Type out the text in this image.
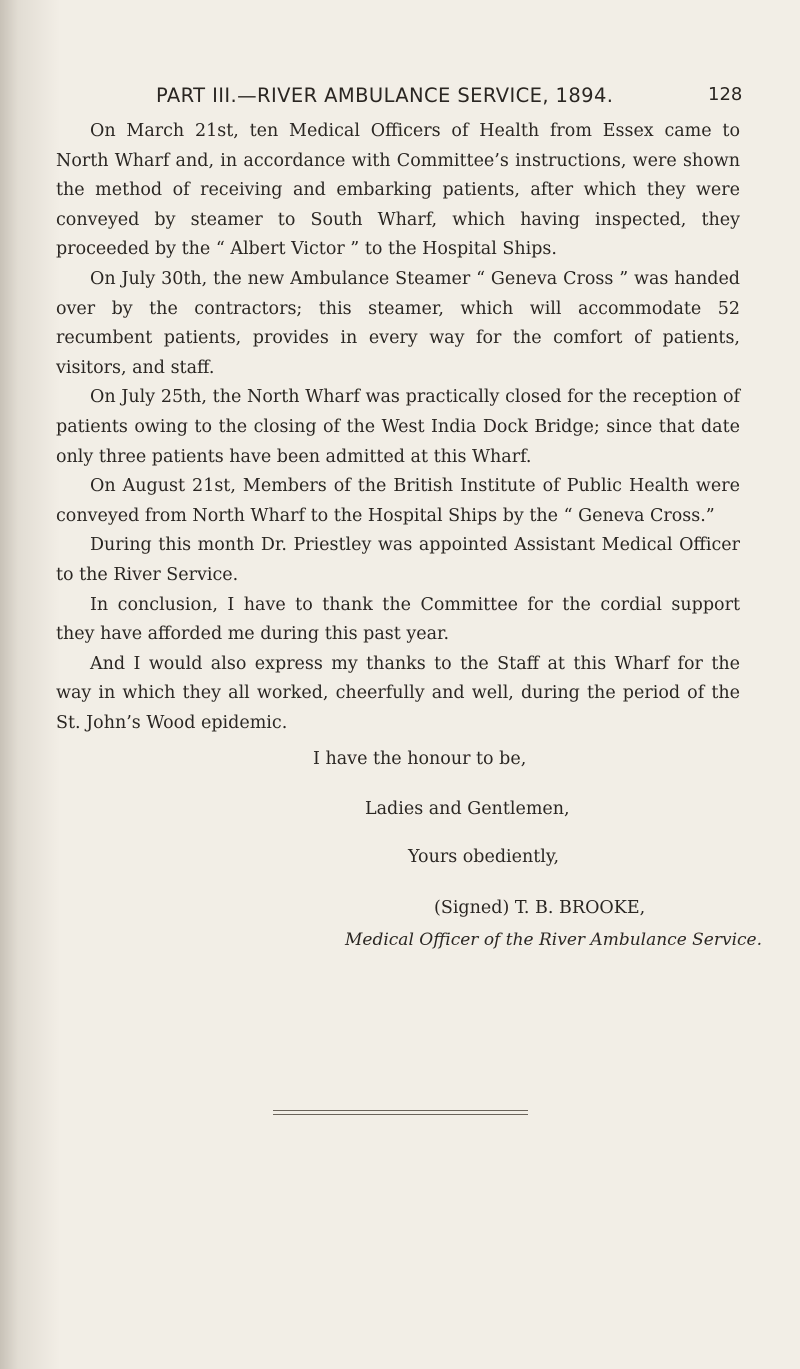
PART III.—RIVER AMBULANCE SERVICE, 1894.	128

On March 21st, ten Medical Officers of Health from Essex came to North Wharf and, in accordance with Committee’s instructions, were shown the method of receiving and embarking patients, after which they were conveyed by steamer to South Wharf, which having inspected, they proceeded by the “ Albert Victor ” to the Hospital Ships.

On July 30th, the new Ambulance Steamer “ Geneva Cross ” was handed over by the contractors; this steamer, which will accommodate 52 recumbent patients, provides in every way for the comfort of patients, visitors, and staff.

On July 25th, the North Wharf was practically closed for the reception of patients owing to the closing of the West India Dock Bridge; since that date only three patients have been admitted at this Wharf.

On August 21st, Members of the British Institute of Public Health were conveyed from North Wharf to the Hospital Ships by the “ Geneva Cross.”

During this month Dr. Priestley was appointed Assistant Medical Officer to the River Service.

In conclusion, I have to thank the Committee for the cordial support they have afforded me during this past year.

And I would also express my thanks to the Staff at this Wharf for the way in which they all worked, cheerfully and well, during the period of the St. John’s Wood epidemic.

I have the honour to be,
Ladies and Gentlemen,
Yours obediently,
(Signed) T. B. BROOKE,
Medical Officer of the River Ambulance Service.
